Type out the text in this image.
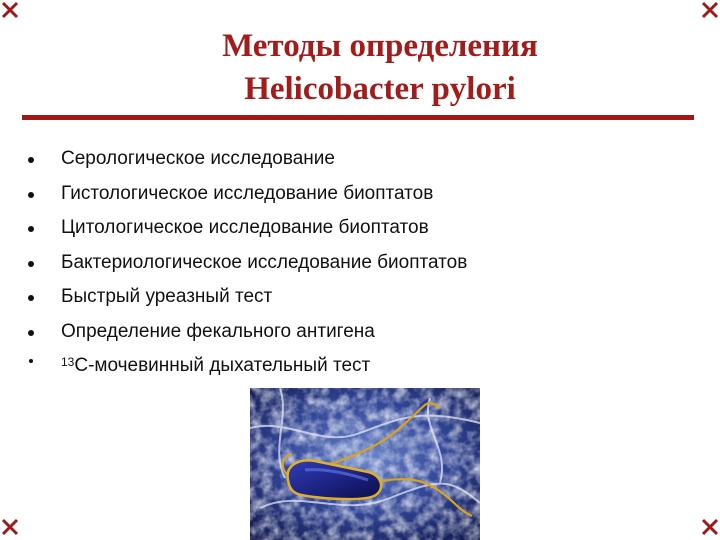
Методы определения
Helicobacter pylori
Серологическое исследование
Гистологическое исследование биоптатов
Цитологическое исследование биоптатов
Бактериологическое исследование биоптатов
Быстрый уреазный тест
Определение фекального антигена
$^{13}$С-мочевинный дыхательный тест
